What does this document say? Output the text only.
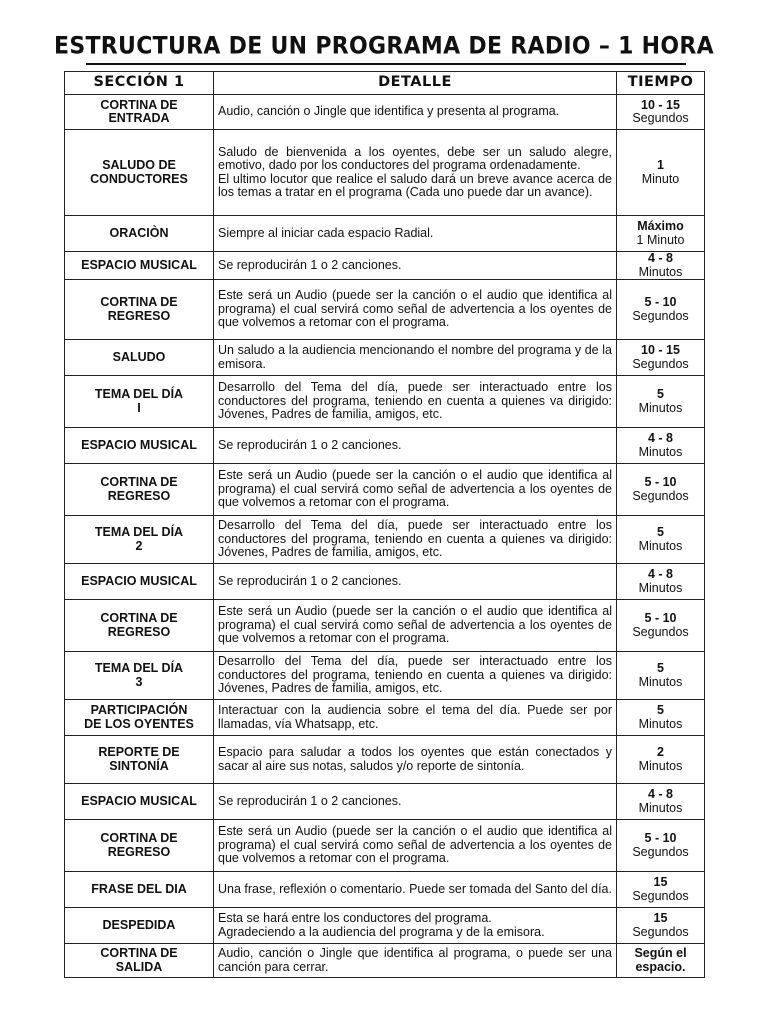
ESTRUCTURA DE UN PROGRAMA DE RADIO – 1 HORA
SECCIÓN 1	DETALLE	TIEMPO

CORTINA DE
ENTRADA	Audio, canción o Jingle que identifica y presenta al programa.	10 - 15
Segundos

SALUDO DE
CONDUCTORES	Saludo de bienvenida a los oyentes, debe ser un saludo alegre, emotivo, dado por los conductores del programa ordenadamente.
El ultimo locutor que realice el saludo dará un breve avance acerca de los temas a tratar en el programa (Cada uno puede dar un avance).	1
Minuto

ORACIÒN	Siempre al iniciar cada espacio Radial.	Máximo
1 Minuto

ESPACIO MUSICAL	Se reproducirán 1 o 2 canciones.	4 - 8
Minutos

CORTINA DE
REGRESO	Este será un Audio (puede ser la canción o el audio que identifica al programa) el cual servirá como señal de advertencia a los oyentes de que volvemos a retomar con el programa.	5 - 10
Segundos

SALUDO	Un saludo a la audiencia mencionando el nombre del programa y de la emisora.	10 - 15
Segundos

TEMA DEL DÍA
I	Desarrollo del Tema del día, puede ser interactuado entre los conductores del programa, teniendo en cuenta a quienes va dirigido: Jóvenes, Padres de familia, amigos, etc.	5
Minutos

ESPACIO MUSICAL	Se reproducirán 1 o 2 canciones.	4 - 8
Minutos

CORTINA DE
REGRESO	Este será un Audio (puede ser la canción o el audio que identifica al programa) el cual servirá como señal de advertencia a los oyentes de que volvemos a retomar con el programa.	5 - 10
Segundos

TEMA DEL DÍA
2	Desarrollo del Tema del día, puede ser interactuado entre los conductores del programa, teniendo en cuenta a quienes va dirigido: Jóvenes, Padres de familia, amigos, etc.	5
Minutos

ESPACIO MUSICAL	Se reproducirán 1 o 2 canciones.	4 - 8
Minutos

CORTINA DE
REGRESO	Este será un Audio (puede ser la canción o el audio que identifica al programa) el cual servirá como señal de advertencia a los oyentes de que volvemos a retomar con el programa.	5 - 10
Segundos

TEMA DEL DÍA
3	Desarrollo del Tema del día, puede ser interactuado entre los conductores del programa, teniendo en cuenta a quienes va dirigido: Jóvenes, Padres de familia, amigos, etc.	5
Minutos

PARTICIPACIÓN
DE LOS OYENTES	Interactuar con la audiencia sobre el tema del día. Puede ser por llamadas, vía Whatsapp, etc.	5
Minutos

REPORTE DE
SINTONÍA	Espacio para saludar a todos los oyentes que están conectados y sacar al aire sus notas, saludos y/o reporte de sintonía.	2
Minutos

ESPACIO MUSICAL	Se reproducirán 1 o 2 canciones.	4 - 8
Minutos

CORTINA DE
REGRESO	Este será un Audio (puede ser la canción o el audio que identifica al programa) el cual servirá como señal de advertencia a los oyentes de que volvemos a retomar con el programa.	5 - 10
Segundos

FRASE DEL DIA	Una frase, reflexión o comentario. Puede ser tomada del Santo del día.	15
Segundos

DESPEDIDA	Esta se hará entre los conductores del programa.
Agradeciendo a la audiencia del programa y de la emisora.	15
Segundos

CORTINA DE
SALIDA	Audio, canción o Jingle que identifica al programa, o puede ser una canción para cerrar.	Según el
espacio.
